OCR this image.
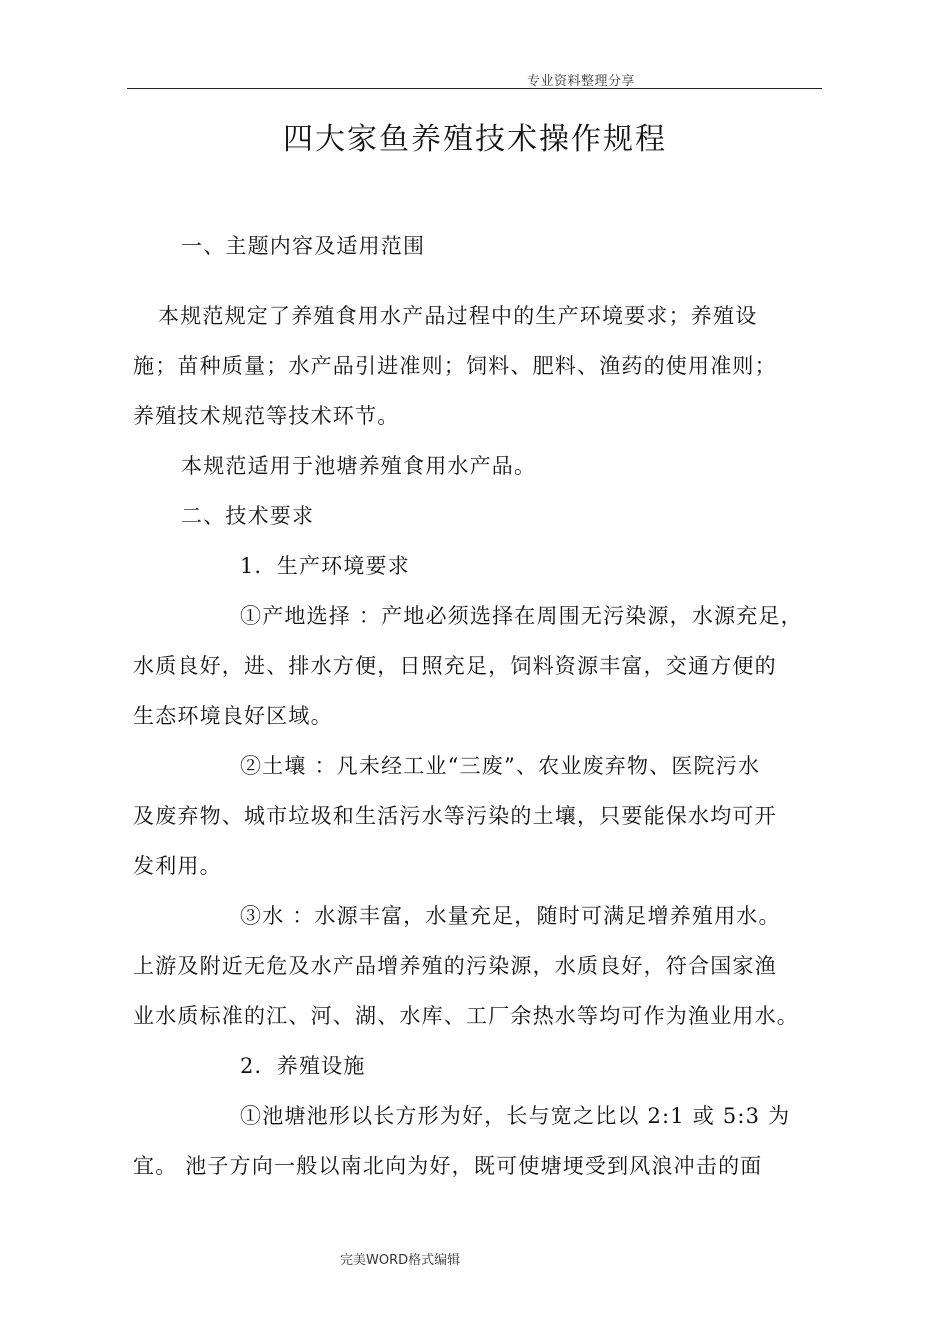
专业资料整理分享
四大家鱼养殖技术操作规程
一、主题内容及适用范围
本规范规定了养殖食用水产品过程中的生产环境要求；养殖设
施；苗种质量；水产品引进准则；饲料、肥料、渔药的使用准则；
养殖技术规范等技术环节。
本规范适用于池塘养殖食用水产品。
二、技术要求
1．生产环境要求
①产地选择 ：产地必须选择在周围无污染源，水源充足，
水质良好，进、排水方便，日照充足，饲料资源丰富，交通方便的
生态环境良好区域。
②土壤 ：凡未经工业“三废”、农业废弃物、医院污水
及废弃物、城市垃圾和生活污水等污染的土壤，只要能保水均可开
发利用。
③水 ：水源丰富，水量充足，随时可满足增养殖用水。
上游及附近无危及水产品增养殖的污染源，水质良好，符合国家渔
业水质标准的江、河、湖、水库、工厂余热水等均可作为渔业用水。
2．养殖设施
①池塘池形以长方形为好，长与宽之比以 2:1 或 5:3 为
宜。 池子方向一般以南北向为好，既可使塘埂受到风浪冲击的面
完美WORD格式编辑
